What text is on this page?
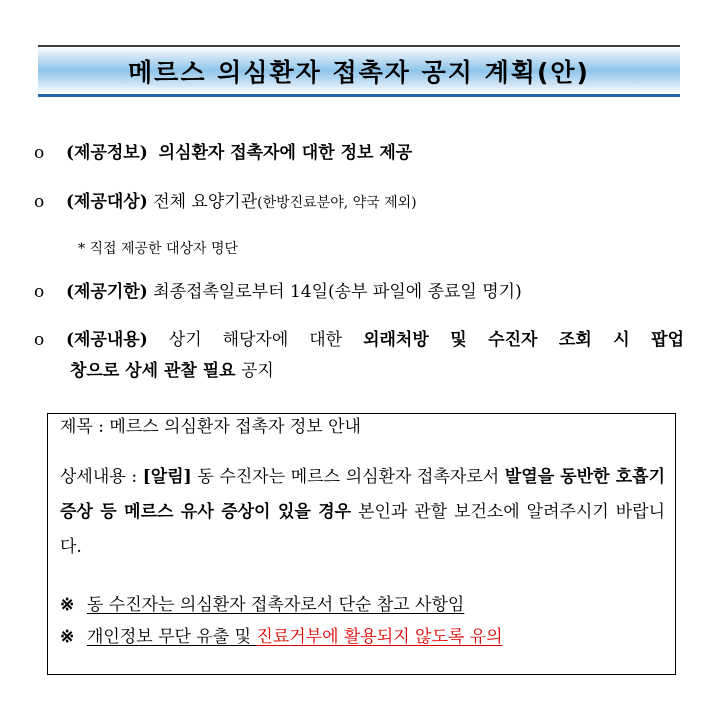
메르스 의심환자 접촉자 공지 계획(안)
o (제공정보) 의심환자 접촉자에 대한 정보 제공
o (제공대상) 전체 요양기관(한방진료분야, 약국 제외)
* 직접 제공한 대상자 명단
o (제공기한) 최종접촉일로부터 14일(송부 파일에 종료일 명기)
o (제공내용) 상기 해당자에 대한 외래처방 및 수진자 조회 시 팝업
창으로 상세 관찰 필요 공지
제목 : 메르스 의심환자 접촉자 정보 안내
상세내용 : [알림] 동 수진자는 메르스 의심환자 접촉자로서 발열을 동반한 호흡기 증상 등 메르스 유사 증상이 있을 경우 본인과 관할 보건소에 알려주시기 바랍니다.
※ 동 수진자는 의심환자 접촉자로서 단순 참고 사항임
※ 개인정보 무단 유출 및 진료거부에 활용되지 않도록 유의
